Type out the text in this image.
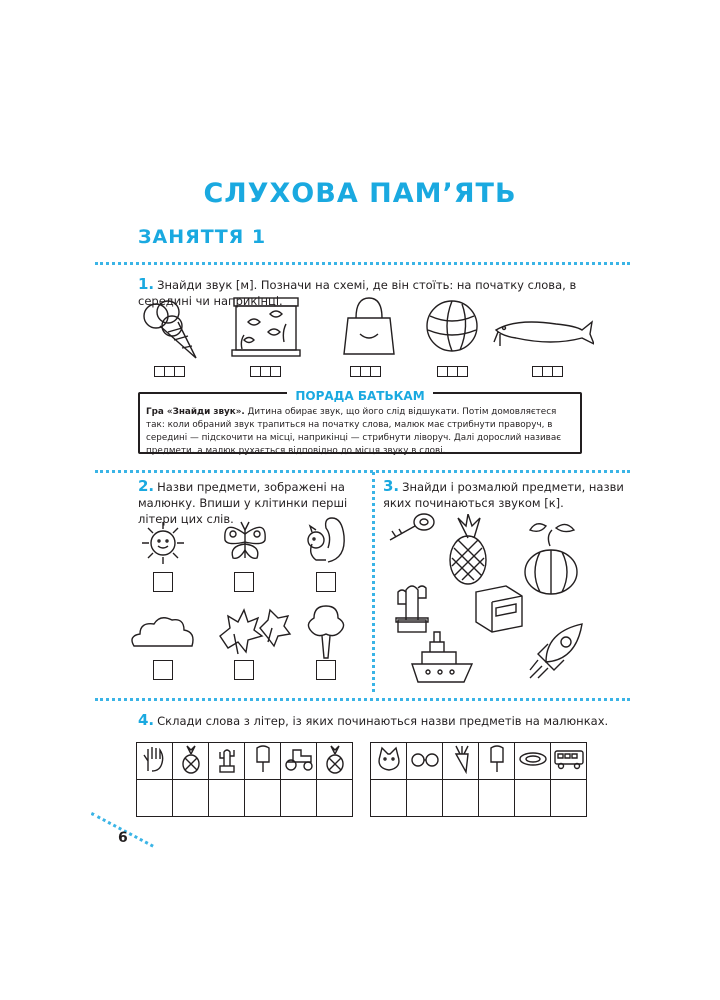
СЛУХОВА ПАМ’ЯТЬ
ЗАНЯТТЯ 1
1. Знайди звук [м]. Позначи на схемі, де він стоїть: на початку слова, в середині чи наприкінці.
ПОРАДА БАТЬКАМ
Гра «Знайди звук». Дитина обирає звук, що його слід відшукати. Потім домовляєтеся так: коли обраний звук трапиться на початку слова, малюк має стрибнути праворуч, в середині — підскочити на місці, наприкінці — стрибнути ліворуч. Далі дорослий називає предмети, а малюк рухається відповідно до місця звуку в слові.
2. Назви предмети, зображені на малюнку. Впиши у клітинки перші літери цих слів.
3. Знайди і розмалюй предмети, назви яких починаються звуком [к].
4. Склади слова з літер, із яких починаються назви предметів на малюнках.

6
